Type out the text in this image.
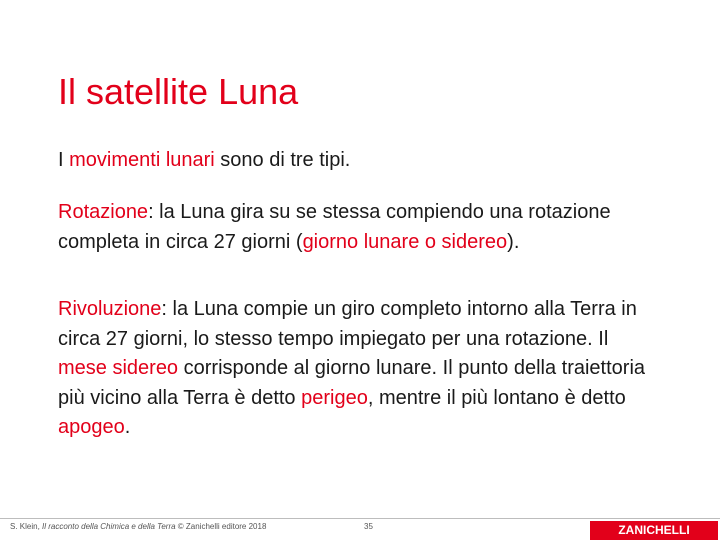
Il satellite Luna
I movimenti lunari sono di tre tipi.
Rotazione: la Luna gira su se stessa compiendo una rotazione completa in circa 27 giorni (giorno lunare o sidereo).
Rivoluzione: la Luna compie un giro completo intorno alla Terra in circa 27 giorni, lo stesso tempo impiegato per una rotazione. Il mese sidereo corrisponde al giorno lunare. Il punto della traiettoria più vicino alla Terra è detto perigeo, mentre il più lontano è detto apogeo.
S. Klein, Il racconto della Chimica e della Terra © Zanichelli editore 2018	35	ZANICHELLI
